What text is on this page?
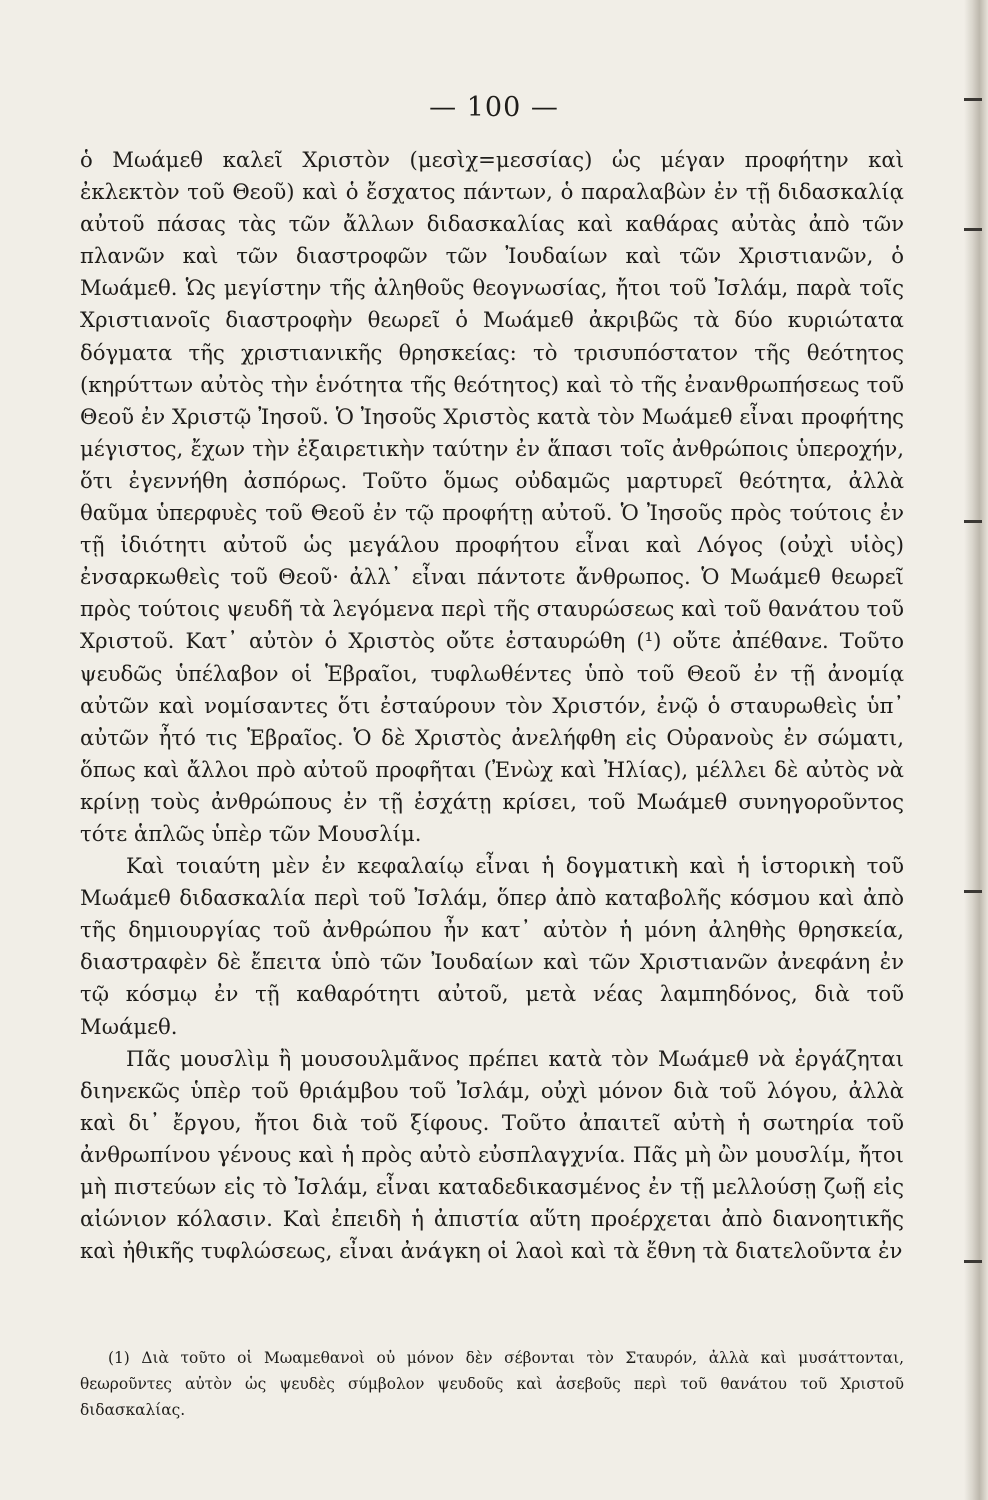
— 100 —

ὁ Μωάμεθ καλεῖ Χριστὸν (μεσὶχ=μεσσίας) ὡς μέγαν προφήτην καὶ ἐκλεκτὸν τοῦ Θεοῦ) καὶ ὁ ἔσχατος πάντων, ὁ παραλαβὼν ἐν τῇ διδασκαλίᾳ αὐτοῦ πάσας τὰς τῶν ἄλλων διδασκαλίας καὶ καθάρας αὐτὰς ἀπὸ τῶν πλανῶν καὶ τῶν διαστροφῶν τῶν Ἰουδαίων καὶ τῶν Χριστιανῶν, ὁ Μωάμεθ. Ὡς μεγίστην τῆς ἀληθοῦς θεογνωσίας, ἤτοι τοῦ Ἰσλάμ, παρὰ τοῖς Χριστιανοῖς διαστροφὴν θεωρεῖ ὁ Μωάμεθ ἀκριβῶς τὰ δύο κυριώτατα δόγματα τῆς χριστιανικῆς θρησκείας: τὸ τρισυπόστατον τῆς θεότητος (κηρύττων αὐτὸς τὴν ἑνότητα τῆς θεότητος) καὶ τὸ τῆς ἐνανθρωπήσεως τοῦ Θεοῦ ἐν Χριστῷ Ἰησοῦ. Ὁ Ἰησοῦς Χριστὸς κατὰ τὸν Μωάμεθ εἶναι προφήτης μέγιστος, ἔχων τὴν ἐξαιρετικὴν ταύτην ἐν ἅπασι τοῖς ἀνθρώποις ὑπεροχήν, ὅτι ἐγεννήθη ἀσπόρως. Τοῦτο ὅμως οὐδαμῶς μαρτυρεῖ θεότητα, ἀλλὰ θαῦμα ὑπερφυὲς τοῦ Θεοῦ ἐν τῷ προφήτῃ αὐτοῦ. Ὁ Ἰησοῦς πρὸς τούτοις ἐν τῇ ἰδιότητι αὐτοῦ ὡς μεγάλου προφήτου εἶναι καὶ Λόγος (οὐχὶ υἱὸς) ἐνσαρκωθεὶς τοῦ Θεοῦ· ἀλλ᾽ εἶναι πάντοτε ἄνθρωπος. Ὁ Μωάμεθ θεωρεῖ πρὸς τούτοις ψευδῆ τὰ λεγόμενα περὶ τῆς σταυρώσεως καὶ τοῦ θανάτου τοῦ Χριστοῦ. Κατ᾽ αὐτὸν ὁ Χριστὸς οὔτε ἐσταυρώθη (¹) οὔτε ἀπέθανε. Τοῦτο ψευδῶς ὑπέλαβον οἱ Ἑβραῖοι, τυφλωθέντες ὑπὸ τοῦ Θεοῦ ἐν τῇ ἀνομίᾳ αὐτῶν καὶ νομίσαντες ὅτι ἐσταύρουν τὸν Χριστόν, ἐνῷ ὁ σταυρωθεὶς ὑπ᾽ αὐτῶν ἦτό τις Ἑβραῖος. Ὁ δὲ Χριστὸς ἀνελήφθη εἰς Οὐρανοὺς ἐν σώματι, ὅπως καὶ ἄλλοι πρὸ αὐτοῦ προφῆται (Ἐνὼχ καὶ Ἠλίας), μέλλει δὲ αὐτὸς νὰ κρίνῃ τοὺς ἀνθρώπους ἐν τῇ ἐσχάτῃ κρίσει, τοῦ Μωάμεθ συνηγοροῦντος τότε ἁπλῶς ὑπὲρ τῶν Μουσλίμ.

Καὶ τοιαύτη μὲν ἐν κεφαλαίῳ εἶναι ἡ δογματικὴ καὶ ἡ ἱστορικὴ τοῦ Μωάμεθ διδασκαλία περὶ τοῦ Ἰσλάμ, ὅπερ ἀπὸ καταβολῆς κόσμου καὶ ἀπὸ τῆς δημιουργίας τοῦ ἀνθρώπου ἦν κατ᾽ αὐτὸν ἡ μόνη ἀληθὴς θρησκεία, διαστραφὲν δὲ ἔπειτα ὑπὸ τῶν Ἰουδαίων καὶ τῶν Χριστιανῶν ἀνεφάνη ἐν τῷ κόσμῳ ἐν τῇ καθαρότητι αὐτοῦ, μετὰ νέας λαμπηδόνος, διὰ τοῦ Μωάμεθ.

Πᾶς μουσλὶμ ἢ μουσουλμᾶνος πρέπει κατὰ τὸν Μωάμεθ νὰ ἐργάζηται διηνεκῶς ὑπὲρ τοῦ θριάμβου τοῦ Ἰσλάμ, οὐχὶ μόνον διὰ τοῦ λόγου, ἀλλὰ καὶ δι᾽ ἔργου, ἤτοι διὰ τοῦ ξίφους. Τοῦτο ἀπαιτεῖ αὐτὴ ἡ σωτηρία τοῦ ἀνθρωπίνου γένους καὶ ἡ πρὸς αὐτὸ εὐσπλαγχνία. Πᾶς μὴ ὢν μουσλίμ, ἤτοι μὴ πιστεύων εἰς τὸ Ἰσλάμ, εἶναι καταδεδικασμένος ἐν τῇ μελλούσῃ ζωῇ εἰς αἰώνιον κόλασιν. Καὶ ἐπειδὴ ἡ ἀπιστία αὕτη προέρχεται ἀπὸ διανοητικῆς καὶ ἠθικῆς τυφλώσεως, εἶναι ἀνάγκη οἱ λαοὶ καὶ τὰ ἔθνη τὰ διατελοῦντα ἐν

(1) Διὰ τοῦτο οἱ Μωαμεθανοὶ οὐ μόνον δὲν σέβονται τὸν Σταυρόν, ἀλλὰ καὶ μυσάττονται, θεωροῦντες αὐτὸν ὡς ψευδὲς σύμβολον ψευδοῦς καὶ ἀσεβοῦς περὶ τοῦ θανάτου τοῦ Χριστοῦ διδασκαλίας.
